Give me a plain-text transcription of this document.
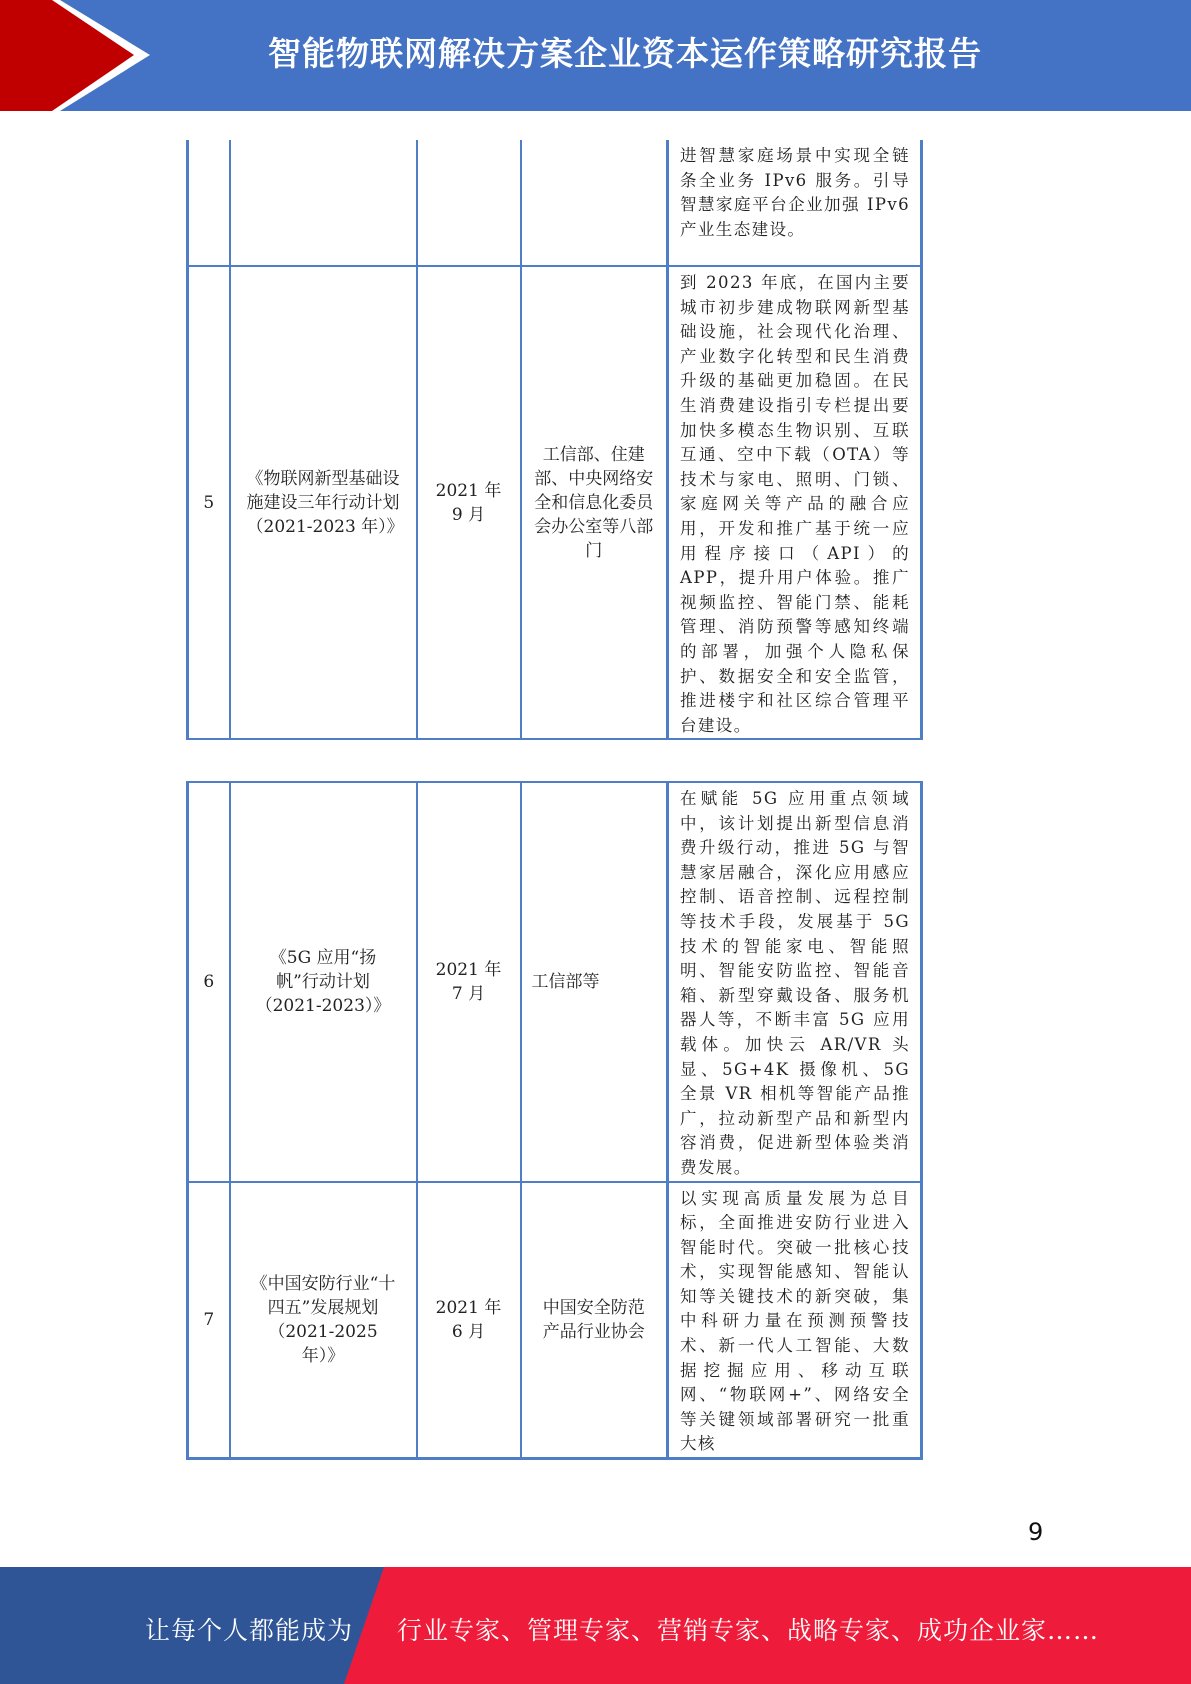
智能物联网解决方案企业资本运作策略研究报告
				进智慧家庭场景中实现全链条全业务 IPv6 服务。引导智慧家庭平台企业加强 IPv6 产业生态建设。
5	《物联网新型基础设施建设三年行动计划（2021-2023 年）》	2021 年 9 月	工信部、住建部、中央网络安全和信息化委员会办公室等八部门	到 2023 年底，在国内主要城市初步建成物联网新型基础设施，社会现代化治理、产业数字化转型和民生消费升级的基础更加稳固。在民生消费建设指引专栏提出要加快多模态生物识别、互联互通、空中下载（OTA）等技术与家电、照明、门锁、家庭网关等产品的融合应用，开发和推广基于统一应用程序接口（API）的 APP，提升用户体验。推广视频监控、智能门禁、能耗管理、消防预警等感知终端的部署，加强个人隐私保护、数据安全和安全监管，推进楼宇和社区综合管理平台建设。
6	《5G 应用“扬帆”行动计划（2021-2023）》	2021 年 7 月	工信部等	在赋能 5G 应用重点领域中，该计划提出新型信息消费升级行动，推进 5G 与智慧家居融合，深化应用感应控制、语音控制、远程控制等技术手段，发展基于 5G 技术的智能家电、智能照明、智能安防监控、智能音箱、新型穿戴设备、服务机器人等，不断丰富 5G 应用载体。加快云 AR/VR 头显、5G+4K 摄像机、5G 全景 VR 相机等智能产品推广，拉动新型产品和新型内容消费，促进新型体验类消费发展。
7	《中国安防行业“十四五”发展规划（2021-2025 年）》	2021 年 6 月	中国安全防范产品行业协会	以实现高质量发展为总目标，全面推进安防行业进入智能时代。突破一批核心技术，实现智能感知、智能认知等关键技术的新突破，集中科研力量在预测预警技术、新一代人工智能、大数据挖掘应用、移动互联网、“物联网+”、网络安全等关键领域部署研究一批重大核
9
让每个人都能成为 行业专家、管理专家、营销专家、战略专家、成功企业家……
